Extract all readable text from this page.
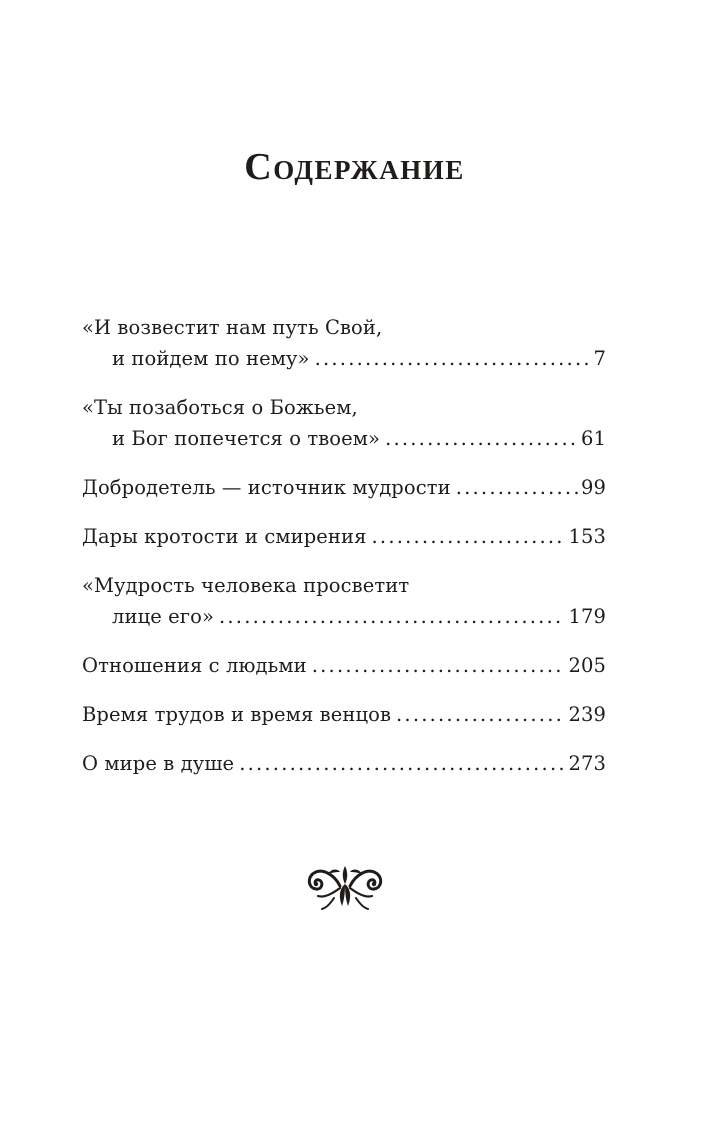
Содержание
«И возвестит нам путь Свой,
и пойдем по нему» .....	7
«Ты позаботься о Божьем,
и Бог попечется о твоем» .....	61
Добродетель — источник мудрости .....	99
Дары кротости и смирения .....	153
«Мудрость человека просветит
лице его» .....	179
Отношения с людьми .....	205
Время трудов и время венцов .....	239
О мире в душе .....	273
